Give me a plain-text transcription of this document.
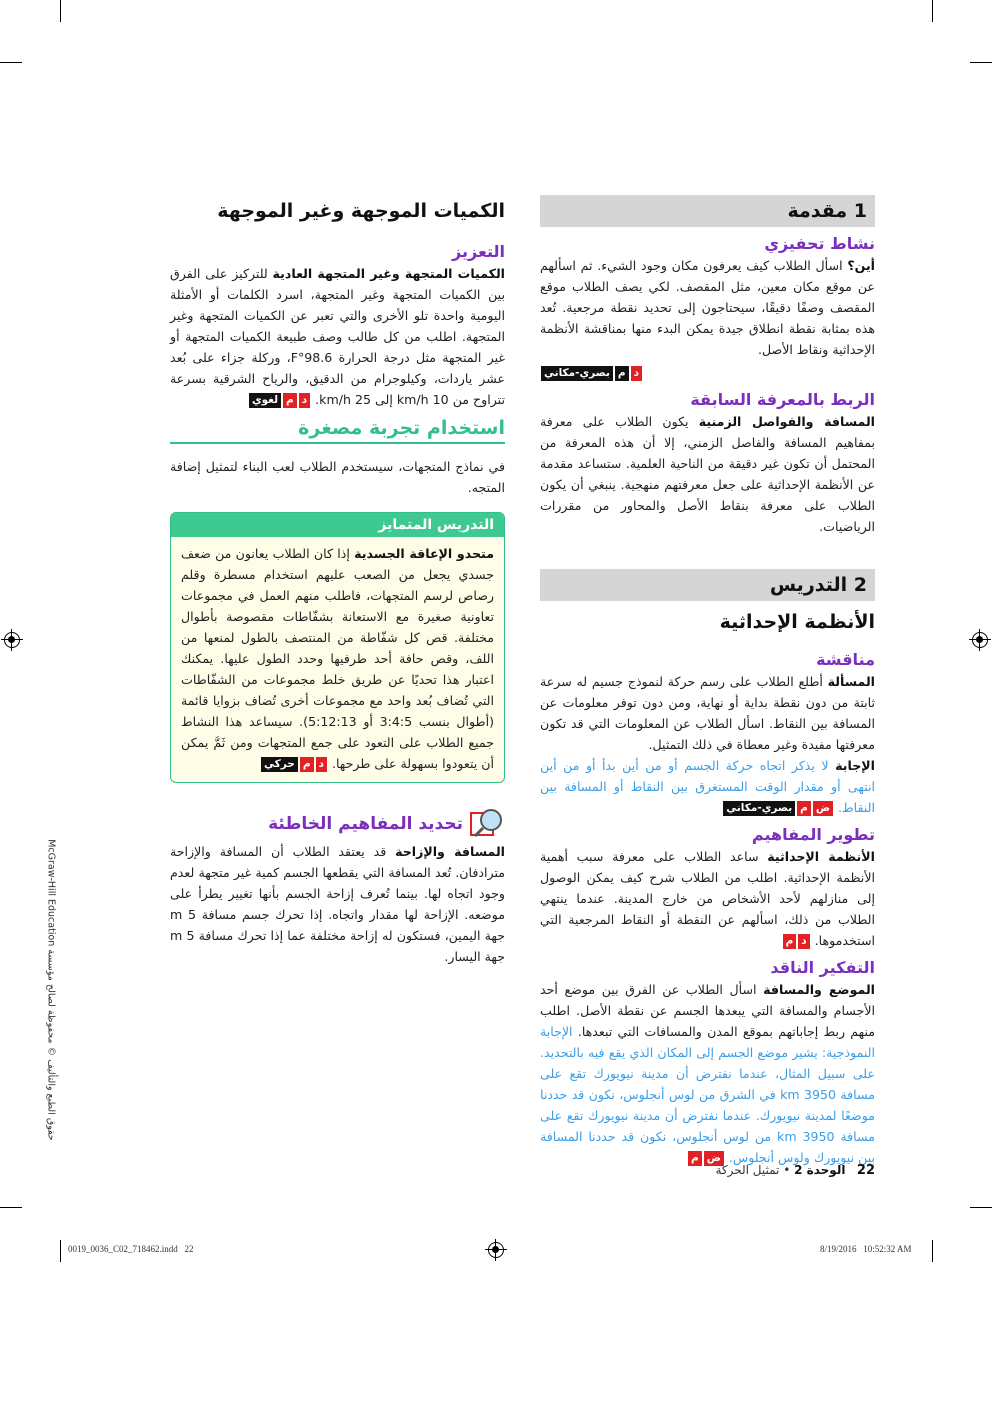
1 مقدمة

نشاط تحفيزي

أين؟ اسأل الطلاب كيف يعرفون مكان وجود الشيء. ثم اسألهم عن موقع مكان معين، مثل المقصف. لكي يصف الطلاب موقع المقصف وصفًا دقيقًا، سيحتاجون إلى تحديد نقطة مرجعية. تُعد هذه بمثابة نقطة انطلاق جيدة يمكن البدء منها بمناقشة الأنظمة الإحداثية ونقاط الأصل.
دمبصري-مكاني

الربط بالمعرفة السابقة

المسافة والفواصل الزمنية يكون الطلاب على معرفة بمفاهيم المسافة والفاصل الزمني، إلا أن هذه المعرفة من المحتمل أن تكون غير دقيقة من الناحية العلمية. ستساعد مقدمة عن الأنظمة الإحداثية على جعل معرفتهم منهجية. ينبغي أن يكون الطلاب على معرفة بنقاط الأصل والمحاور من مقررات الرياضيات.
2 التدريس
الأنظمة الإحداثية

مناقشة

المسألة أطلع الطلاب على رسم حركة لنموذج جسيم له سرعة ثابتة من دون نقطة بداية أو نهاية، ومن دون توفر معلومات عن المسافة بين النقاط. اسأل الطلاب عن المعلومات التي قد تكون معرفتها مفيدة وغير معطاة في ذلك التمثيل.
الإجابة لا يذكر اتجاه حركة الجسم أو من أين بدأ أو من أين انتهى أو مقدار الوقت المستغرق بين النقاط أو المسافة بين النقاط. ضمبصري-مكاني

تطوير المفاهيم

الأنظمة الإحداثية ساعد الطلاب على معرفة سبب أهمية الأنظمة الإحداثية. اطلب من الطلاب شرح كيف يمكن الوصول إلى منازلهم لأحد الأشخاص من خارج المدينة. عندما ينتهي الطلاب من ذلك، اسألهم عن النقطة أو النقاط المرجعية التي استخدموها. دم

التفكير الناقد

الموضع والمسافة اسأل الطلاب عن الفرق بين موضع أحد الأجسام والمسافة التي يبعدها الجسم عن نقطة الأصل. اطلب منهم ربط إجاباتهم بموقع المدن والمسافات التي تبعدها. الإجابة النموذجية: يشير موضع الجسم إلى المكان الذي يقع فيه بالتحديد. على سبيل المثال، عندما نفترض أن مدينة نيويورك تقع على مسافة 3950 km في الشرق من لوس أنجلوس، نكون قد حددنا موضعًا لمدينة نيويورك. عندما نفترض أن مدينة نيويورك تقع على مسافة 3950 km من لوس أنجلوس، نكون قد حددنا المسافة بين نيويورك ولوس أنجلوس. ضم
الكميات الموجهة وغير الموجهة

التعزيز

الكميات المتجهة وغير المتجهة العادية للتركيز على الفرق بين الكميات المتجهة وغير المتجهة، اسرد الكلمات أو الأمثلة اليومية واحدة تلو الأخرى والتي تعبر عن الكميات المتجهة وغير المتجهة. اطلب من كل طالب وصف طبيعة الكميات المتجهة أو غير المتجهة مثل درجة الحرارة 98.6°F، وركلة جزاء على بُعد عشر ياردات، وكيلوجرام من الدقيق، والرياح الشرقية بسرعة تتراوح من 10 km/h إلى 25 km/h. دملغوي
استخدام تجربة مصغرة
في نماذج المتجهات، سيستخدم الطلاب لعب البناء لتمثيل إضافة المتجه.
التدريس المتمايز
متحدو الإعاقة الجسدية إذا كان الطلاب يعانون من ضعف جسدي يجعل من الصعب عليهم استخدام مسطرة وقلم رصاص لرسم المتجهات، فاطلب منهم العمل في مجموعات تعاونية صغيرة مع الاستعانة بشفّاطات مقصوصة بأطوال مختلفة. قص كل شفّاطة من المنتصف بالطول لمنعها من اللف، وقص حافة أحد طرفيها وحدد الطول عليها. يمكنك اعتبار هذا تحديًا عن طريق خلط مجموعات من الشفّاطات التي تُضاف بُعد واحد مع مجموعات أخرى تُضاف بزوايا قائمة (أطوال بنسب 3:4:5 أو 5:12:13). سيساعد هذا النشاط جميع الطلاب على التعود على جمع المتجهات ومن ثَمَّ يمكن أن يتعودوا بسهولة على طرحها. دمحركي
تحديد المفاهيم الخاطئة
المسافة والإزاحة قد يعتقد الطلاب أن المسافة والإزاحة مترادفان. تُعد المسافة التي يقطعها الجسم كمية غير متجهة لعدم وجود اتجاه لها. بينما تُعرف إزاحة الجسم بأنها تغيير يطرأ على موضعه. الإزاحة لها مقدار واتجاه. إذا تحرك جسم مسافة 5 m جهة اليمين، فستكون له إزاحة مختلفة عما إذا تحرك مسافة 5 m جهة اليسار.
حقوق الطبع والتأليف © محفوظة لصالح مؤسسة McGraw-Hill Education
22   الوحدة 2 • تمثيل الحركة
0019_0036_C02_718462.indd   22	8/19/2016   10:52:32 AM
